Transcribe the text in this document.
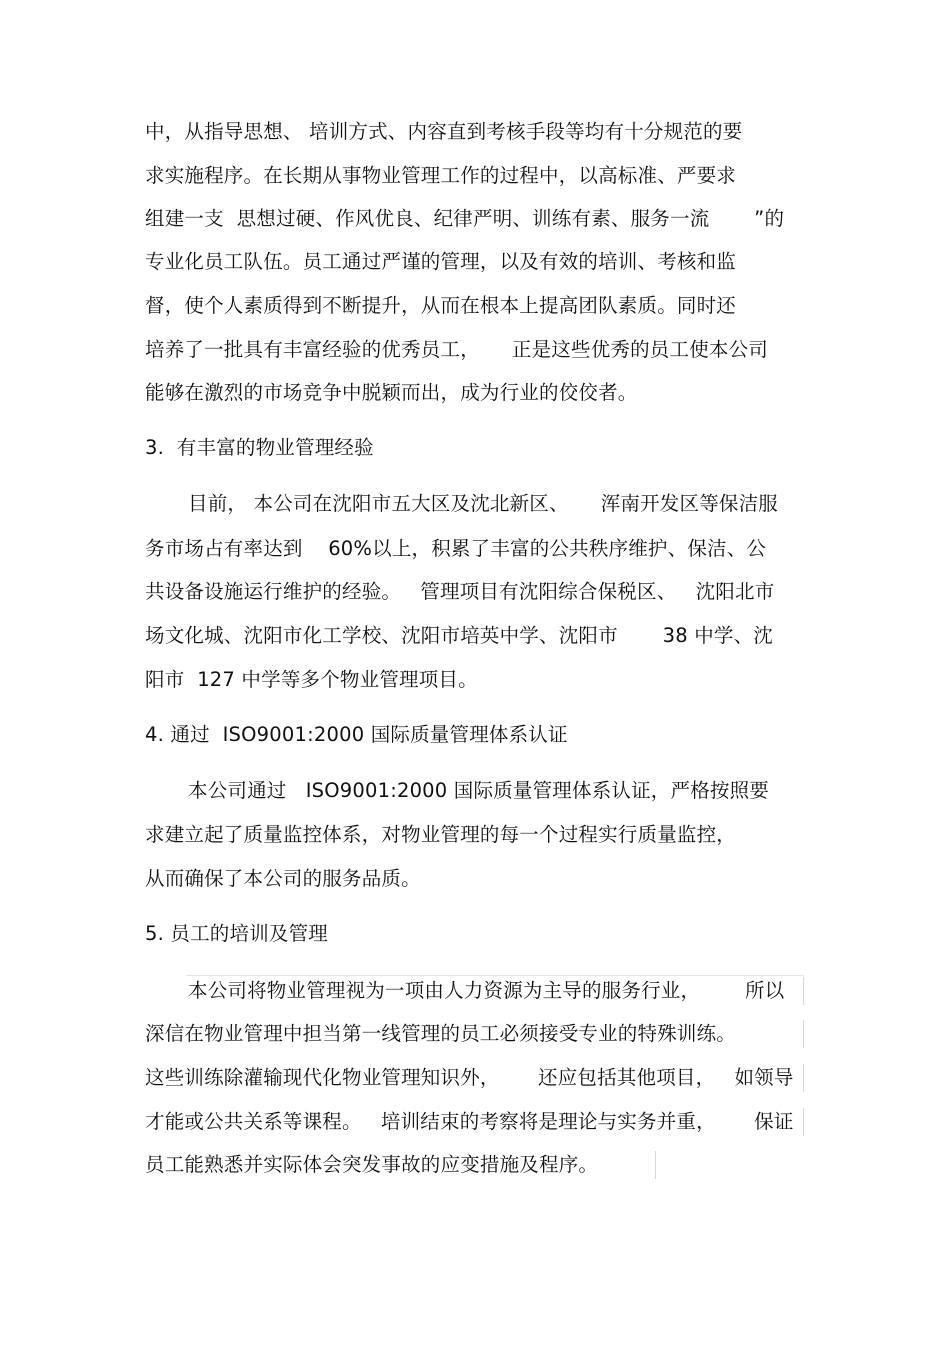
中，从指导思想、 培训方式、内容直到考核手段等均有十分规范的要
求实施程序。在长期从事物业管理工作的过程中，以高标准、严要求
组建一支  思想过硬、作风优良、纪律严明、训练有素、服务一流       ”的
专业化员工队伍。员工通过严谨的管理，以及有效的培训、考核和监
督，使个人素质得到不断提升，从而在根本上提高团队素质。同时还
培养了一批具有丰富经验的优秀员工，     正是这些优秀的员工使本公司
能够在激烈的市场竞争中脱颖而出，成为行业的佼佼者。
3.  有丰富的物业管理经验
目前， 本公司在沈阳市五大区及沈北新区、     浑南开发区等保洁服
务市场占有率达到    60%以上，积累了丰富的公共秩序维护、保洁、公
共设备设施运行维护的经验。   管理项目有沈阳综合保税区、   沈阳北市
场文化城、沈阳市化工学校、沈阳市培英中学、沈阳市       38 中学、沈
阳市  127 中学等多个物业管理项目。
4. 通过  ISO9001:2000 国际质量管理体系认证
本公司通过   ISO9001:2000 国际质量管理体系认证，严格按照要
求建立起了质量监控体系，对物业管理的每一个过程实行质量监控，
从而确保了本公司的服务品质。
5. 员工的培训及管理
本公司将物业管理视为一项由人力资源为主导的服务行业，       所以
深信在物业管理中担当第一线管理的员工必须接受专业的特殊训练。
这些训练除灌输现代化物业管理知识外，      还应包括其他项目，   如领导
才能或公共关系等课程。   培训结束的考察将是理论与实务并重，      保证
员工能熟悉并实际体会突发事故的应变措施及程序。
